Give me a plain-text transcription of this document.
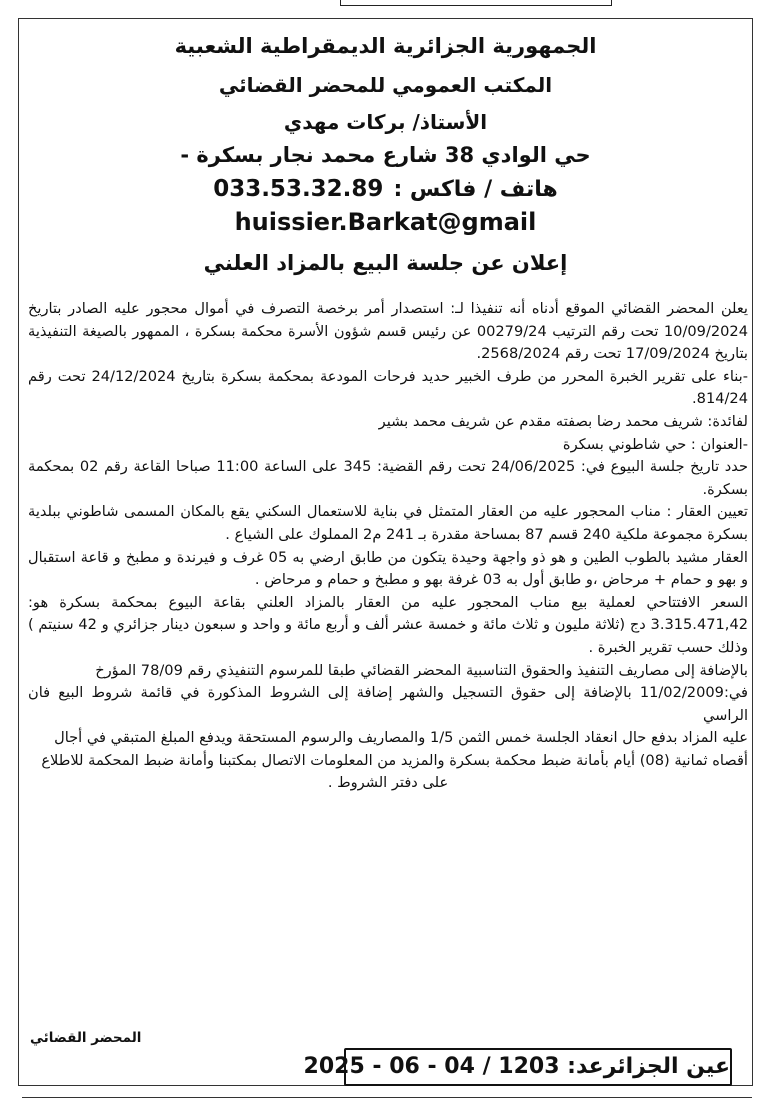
الجمهورية الجزائرية الديمقراطية الشعبية
المكتب العمومي للمحضر القضائي
الأستاذ/ بركات مهدي
حي الوادي 38 شارع محمد نجار بسكرة -
هاتف / فاكس :033.53.32.89
huissier.Barkat@gmail
إعلان عن جلسة البيع بالمزاد العلني

يعلن المحضر القضائي الموقع أدناه أنه تنفيذا لـ: استصدار أمر برخصة التصرف في أموال محجور عليه الصادر بتاريخ 10/09/2024 تحت رقم الترتيب 00279/24 عن رئيس قسم شؤون الأسرة محكمة بسكرة ، الممهور بالصيغة التنفيذية بتاريخ 17/09/2024 تحت رقم 2568/2024.

-بناء على تقرير الخبرة المحرر من طرف الخبير حديد فرحات المودعة بمحكمة بسكرة بتاريخ 24/12/2024 تحت رقم 814/24.

لفائدة: شريف محمد رضا بصفته مقدم عن شريف محمد بشير

-العنوان : حي شاطوني بسكرة

حدد تاريخ جلسة البيوع في: 24/06/2025 تحت رقم القضية: 345 على الساعة 11:00 صباحا القاعة رقم 02 بمحكمة بسكرة.

تعيين العقار : مناب المحجور عليه من العقار المتمثل في بناية للاستعمال السكني يقع بالمكان المسمى شاطوني ببلدية بسكرة مجموعة ملكية 240 قسم 87 بمساحة مقدرة بـ 241 م2 المملوك على الشياع .

العقار مشيد بالطوب الطين و هو ذو واجهة وحيدة يتكون من طابق ارضي به 05 غرف و فيرندة و مطبخ و قاعة استقبال و بهو و حمام + مرحاض ،و طابق أول به 03 غرفة بهو و مطبخ و حمام و مرحاض .

السعر الافتتاحي لعملية بيع مناب المحجور عليه من العقار بالمزاد العلني بقاعة البيوع بمحكمة بسكرة هو: 3.315.471,42 دج (ثلاثة مليون و ثلاث مائة و خمسة عشر ألف و أربع مائة و واحد و سبعون دينار جزائري و 42 سنيتم ) وذلك حسب تقرير الخبرة .

بالإضافة إلى مصاريف التنفيذ والحقوق التناسبية المحضر القضائي طبقا للمرسوم التنفيذي رقم 78/09 المؤرخ

في:11/02/2009 بالإضافة إلى حقوق التسجيل والشهر إضافة إلى الشروط المذكورة في قائمة شروط البيع فان الراسي

عليه المزاد بدفع حال انعقاد الجلسة خمس الثمن 1/5 والمصاريف والرسوم المستحقة ويدفع المبلغ المتبقي في أجال

أقصاه ثمانية (08) أيام بأمانة ضبط محكمة بسكرة والمزيد من المعلومات الاتصال بمكتبنا وأمانة ضبط المحكمة للاطلاع

على دفتر الشروط .

المحضر القضائي
عين الجزائرعد: 1203 / 04 - 06 - 2025
